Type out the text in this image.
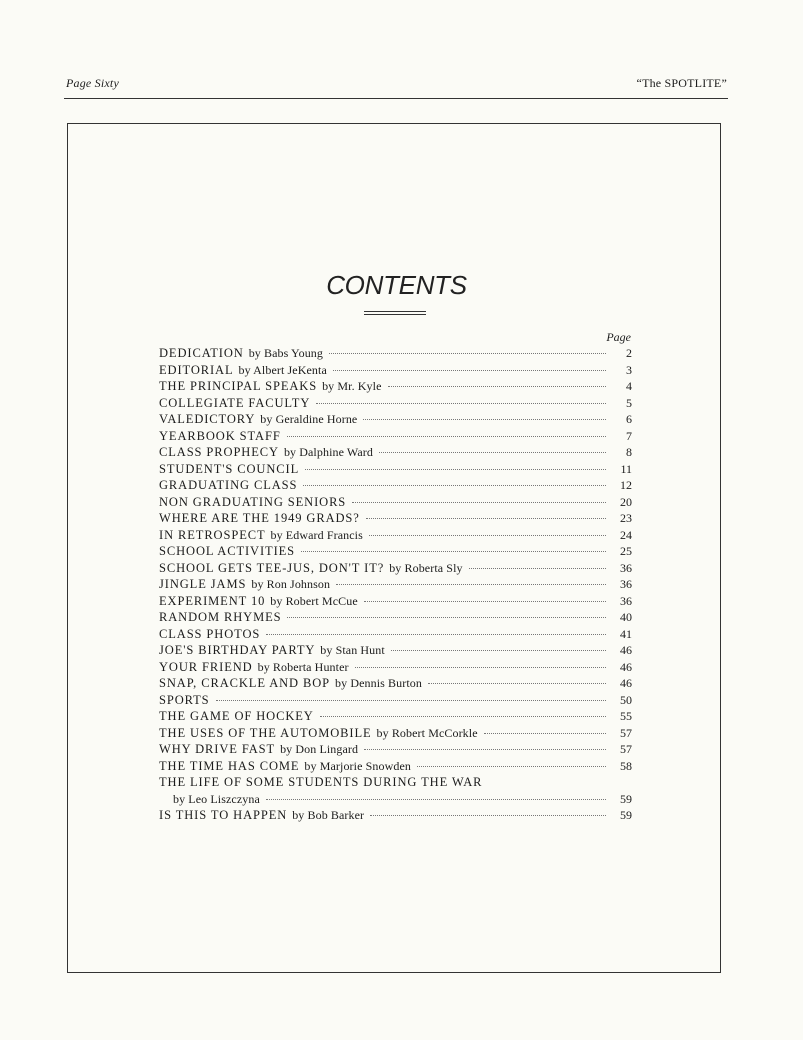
Page Sixty	“The SPOTLITE”
CONTENTS
Page
DEDICATION by Babs Young	2
EDITORIAL by Albert JeKenta	3
THE PRINCIPAL SPEAKS by Mr. Kyle	4
COLLEGIATE FACULTY	5
VALEDICTORY by Geraldine Horne	6
YEARBOOK STAFF	7
CLASS PROPHECY by Dalphine Ward	8
STUDENT'S COUNCIL	11
GRADUATING CLASS	12
NON GRADUATING SENIORS	20
WHERE ARE THE 1949 GRADS?	23
IN RETROSPECT by Edward Francis	24
SCHOOL ACTIVITIES	25
SCHOOL GETS TEE-JUS, DON'T IT? by Roberta Sly	36
JINGLE JAMS by Ron Johnson	36
EXPERIMENT 10 by Robert McCue	36
RANDOM RHYMES	40
CLASS PHOTOS	41
JOE'S BIRTHDAY PARTY by Stan Hunt	46
YOUR FRIEND by Roberta Hunter	46
SNAP, CRACKLE AND BOP by Dennis Burton	46
SPORTS	50
THE GAME OF HOCKEY	55
THE USES OF THE AUTOMOBILE by Robert McCorkle	57
WHY DRIVE FAST by Don Lingard	57
THE TIME HAS COME by Marjorie Snowden	58
THE LIFE OF SOME STUDENTS DURING THE WAR
by Leo Liszczyna	59
IS THIS TO HAPPEN by Bob Barker	59
